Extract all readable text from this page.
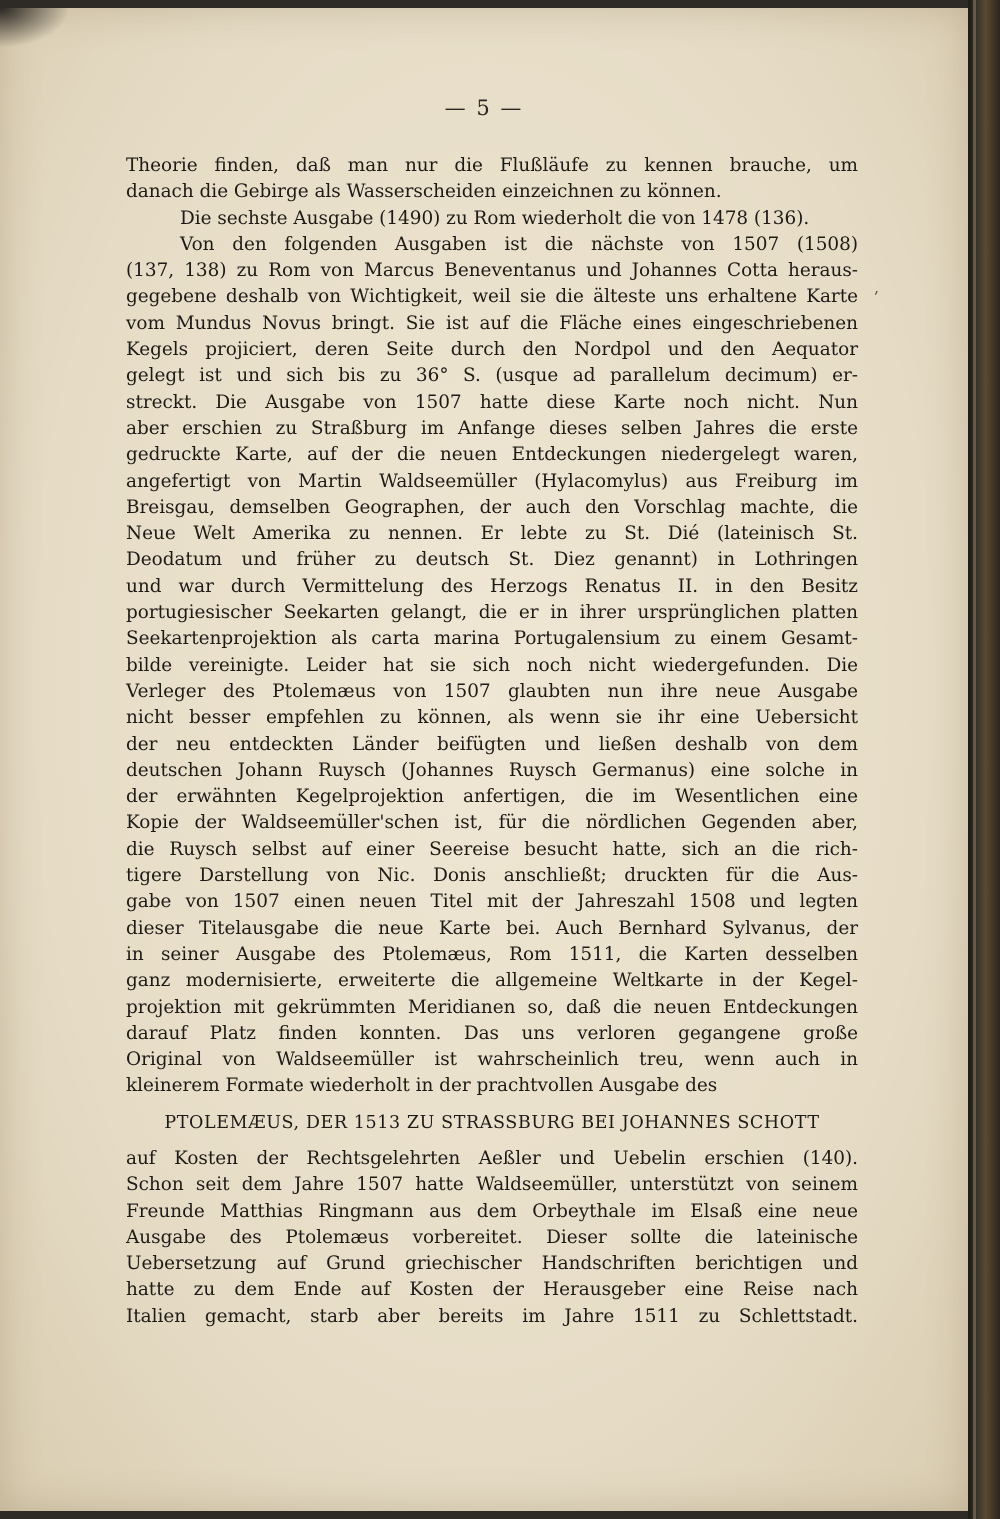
— 5 —
,
Theorie finden, daß man nur die Flußläufe zu kennen brauche, um
danach die Gebirge als Wasserscheiden einzeichnen zu können.
Die sechste Ausgabe (1490) zu Rom wiederholt die von 1478 (136).
Von den folgenden Ausgaben ist die nächste von 1507 (1508)
(137, 138) zu Rom von Marcus Beneventanus und Johannes Cotta heraus-
gegebene deshalb von Wichtigkeit, weil sie die älteste uns erhaltene Karte
vom Mundus Novus bringt. Sie ist auf die Fläche eines eingeschriebenen
Kegels projiciert, deren Seite durch den Nordpol und den Aequator
gelegt ist und sich bis zu 36° S. (usque ad parallelum decimum) er-
streckt. Die Ausgabe von 1507 hatte diese Karte noch nicht. Nun
aber erschien zu Straßburg im Anfange dieses selben Jahres die erste
gedruckte Karte, auf der die neuen Entdeckungen niedergelegt waren,
angefertigt von Martin Waldseemüller (Hylacomylus) aus Freiburg im
Breisgau, demselben Geographen, der auch den Vorschlag machte, die
Neue Welt Amerika zu nennen. Er lebte zu St. Dié (lateinisch St.
Deodatum und früher zu deutsch St. Diez genannt) in Lothringen
und war durch Vermittelung des Herzogs Renatus II. in den Besitz
portugiesischer Seekarten gelangt, die er in ihrer ursprünglichen platten
Seekartenprojektion als carta marina Portugalensium zu einem Gesamt-
bilde vereinigte. Leider hat sie sich noch nicht wiedergefunden. Die
Verleger des Ptolemæus von 1507 glaubten nun ihre neue Ausgabe
nicht besser empfehlen zu können, als wenn sie ihr eine Uebersicht
der neu entdeckten Länder beifügten und ließen deshalb von dem
deutschen Johann Ruysch (Johannes Ruysch Germanus) eine solche in
der erwähnten Kegelprojektion anfertigen, die im Wesentlichen eine
Kopie der Waldseemüller'schen ist, für die nördlichen Gegenden aber,
die Ruysch selbst auf einer Seereise besucht hatte, sich an die rich-
tigere Darstellung von Nic. Donis anschließt; druckten für die Aus-
gabe von 1507 einen neuen Titel mit der Jahreszahl 1508 und legten
dieser Titelausgabe die neue Karte bei. Auch Bernhard Sylvanus, der
in seiner Ausgabe des Ptolemæus, Rom 1511, die Karten desselben
ganz modernisierte, erweiterte die allgemeine Weltkarte in der Kegel-
projektion mit gekrümmten Meridianen so, daß die neuen Entdeckungen
darauf Platz finden konnten. Das uns verloren gegangene große
Original von Waldseemüller ist wahrscheinlich treu, wenn auch in
kleinerem Formate wiederholt in der prachtvollen Ausgabe des
PTOLEMÆUS, DER 1513 ZU STRASSBURG BEI JOHANNES SCHOTT
auf Kosten der Rechtsgelehrten Aeßler und Uebelin erschien (140).
Schon seit dem Jahre 1507 hatte Waldseemüller, unterstützt von seinem
Freunde Matthias Ringmann aus dem Orbeythale im Elsaß eine neue
Ausgabe des Ptolemæus vorbereitet. Dieser sollte die lateinische
Uebersetzung auf Grund griechischer Handschriften berichtigen und
hatte zu dem Ende auf Kosten der Herausgeber eine Reise nach
Italien gemacht, starb aber bereits im Jahre 1511 zu Schlettstadt.
